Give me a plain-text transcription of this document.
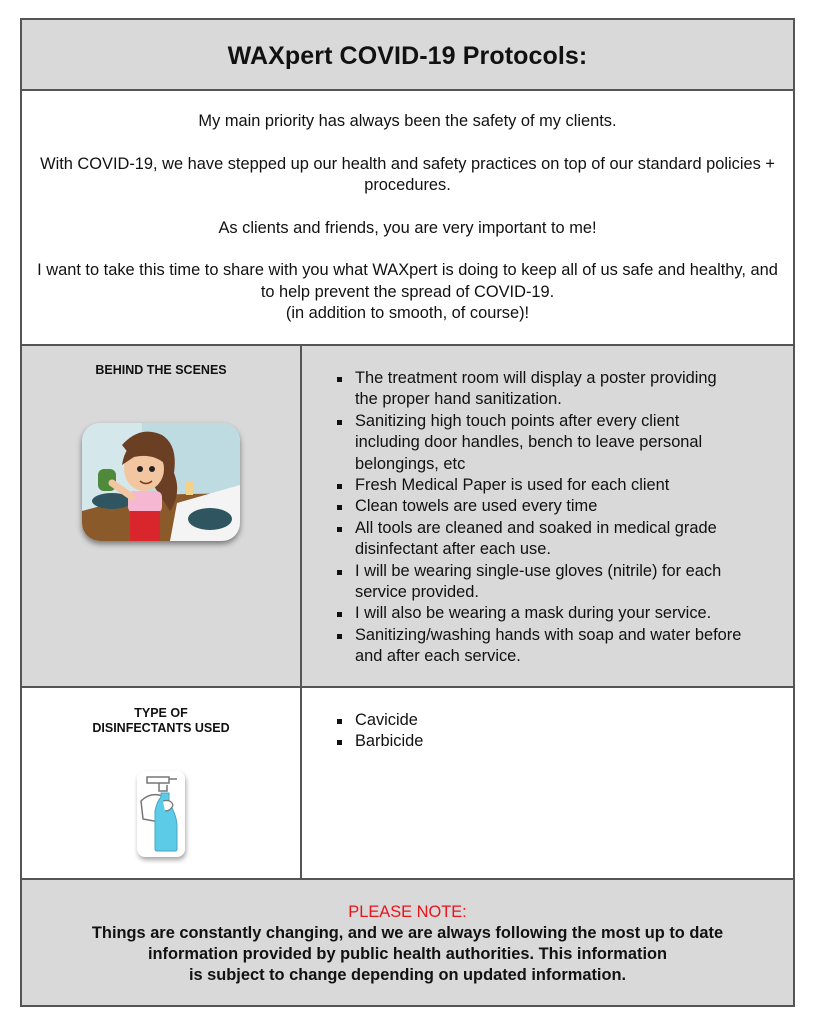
WAXpert COVID-19 Protocols:

My main priority has always been the safety of my clients.

With COVID-19, we have stepped up our health and safety practices on top of our standard policies + procedures.

As clients and friends, you are very important to me!

I want to take this time to share with you what WAXpert is doing to keep all of us safe and healthy, and to help prevent the spread of COVID-19.

(in addition to smooth, of course)!

BEHIND THE SCENES	The treatment room will display a poster providing the proper hand sanitization.
Sanitizing high touch points after every client including door handles, bench to leave personal belongings, etc
Fresh Medical Paper is used for each client
Clean towels are used every time
All tools are cleaned and soaked in medical grade disinfectant after each use.
I will be wearing single-use gloves (nitrile) for each service provided.
I will also be wearing a mask during your service.
Sanitizing/washing hands with soap and water before and after each service.
TYPE OF
DISINFECTANTS USED	Cavicide
Barbicide
PLEASE NOTE:
Things are constantly changing, and we are always following the most up to date
information provided by public health authorities. This information
is subject to change depending on updated information.
